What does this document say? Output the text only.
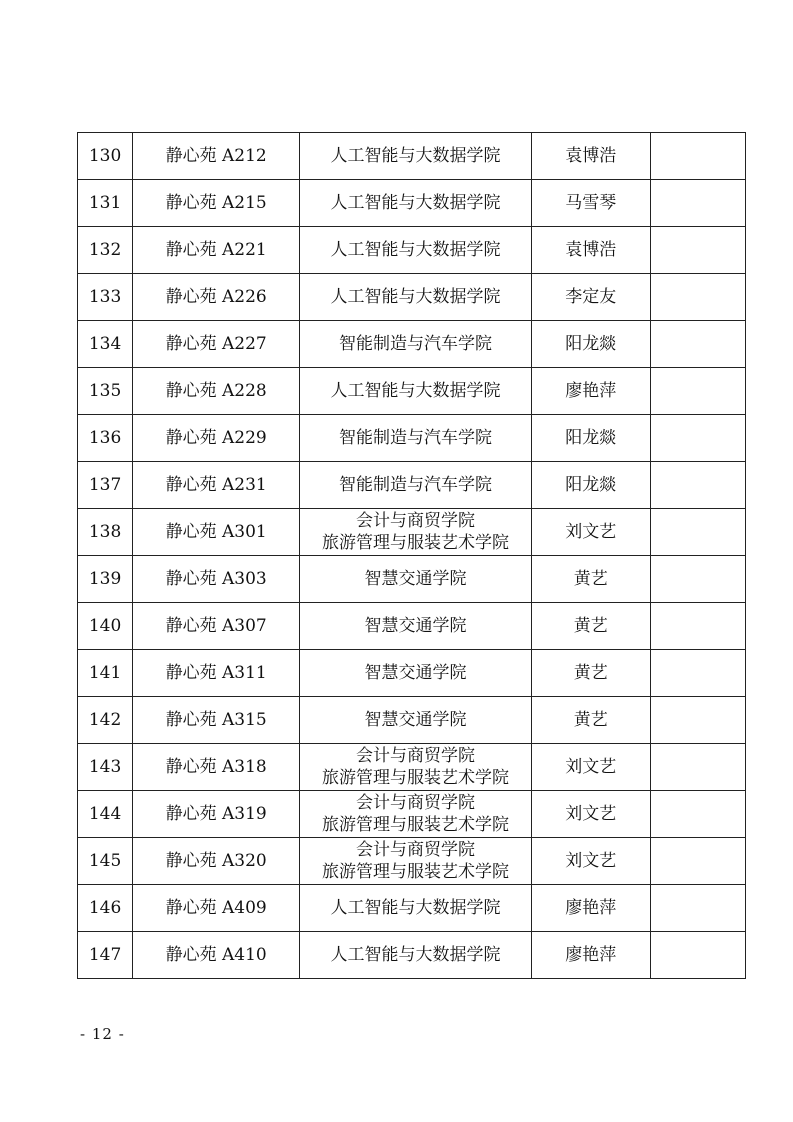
130	静心苑 A212	人工智能与大数据学院	袁博浩	
131	静心苑 A215	人工智能与大数据学院	马雪琴	
132	静心苑 A221	人工智能与大数据学院	袁博浩	
133	静心苑 A226	人工智能与大数据学院	李定友	
134	静心苑 A227	智能制造与汽车学院	阳龙燚	
135	静心苑 A228	人工智能与大数据学院	廖艳萍	
136	静心苑 A229	智能制造与汽车学院	阳龙燚	
137	静心苑 A231	智能制造与汽车学院	阳龙燚	
138	静心苑 A301	会计与商贸学院
旅游管理与服装艺术学院	刘文艺	
139	静心苑 A303	智慧交通学院	黄艺	
140	静心苑 A307	智慧交通学院	黄艺	
141	静心苑 A311	智慧交通学院	黄艺	
142	静心苑 A315	智慧交通学院	黄艺	
143	静心苑 A318	会计与商贸学院
旅游管理与服装艺术学院	刘文艺	
144	静心苑 A319	会计与商贸学院
旅游管理与服装艺术学院	刘文艺	
145	静心苑 A320	会计与商贸学院
旅游管理与服装艺术学院	刘文艺	
146	静心苑 A409	人工智能与大数据学院	廖艳萍	
147	静心苑 A410	人工智能与大数据学院	廖艳萍	
- 12 -
